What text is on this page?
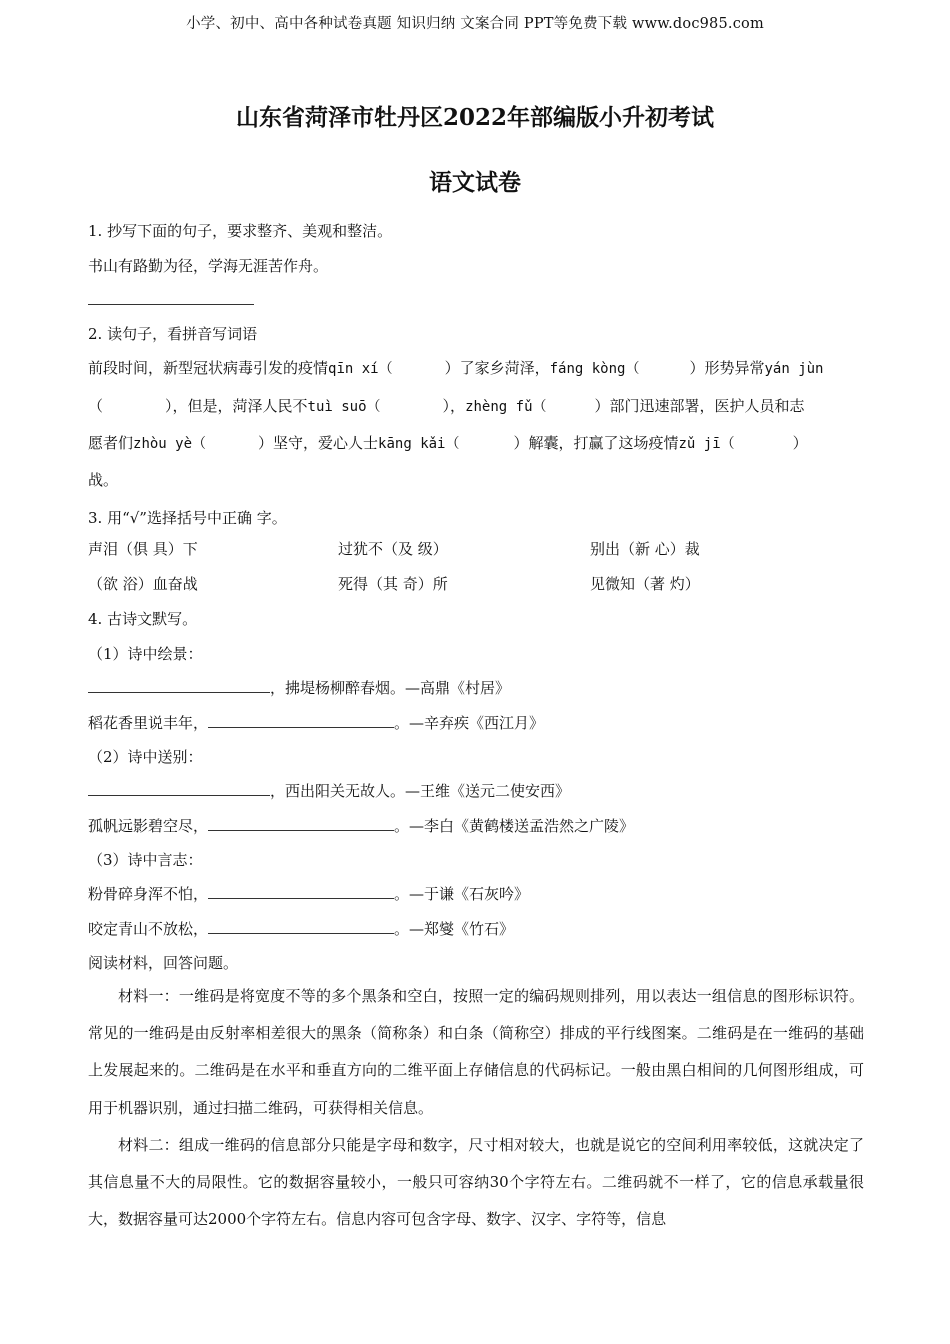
小学、初中、高中各种试卷真题 知识归纳 文案合同 PPT等免费下载 www.doc985.com
山东省菏泽市牡丹区2022年部编版小升初考试
语文试卷
1. 抄写下面的句子，要求整齐、美观和整洁。
书山有路勤为径，学海无涯苦作舟。
2. 读句子，看拼音写词语
前段时间，新型冠状病毒引发的疫情qīn xí（	）了家乡菏泽，fáng kòng（	）形势异常yán jùn
（	），但是，菏泽人民不tuì suō（	），zhèng fǔ（	）部门迅速部署，医护人员和志
愿者们zhòu yè（	）坚守，爱心人士kāng kǎi（	）解囊，打赢了这场疫情zǔ jī（	）
战。
3. 用“√”选择括号中正确 字。
声泪（俱 具）下	过犹不（及 级）	别出（新 心）裁
（欲 浴）血奋战	死得（其 奇）所	见微知（著 灼）
4. 古诗文默写。
（1）诗中绘景：
，拂堤杨柳醉春烟。—高鼎《村居》
稻花香里说丰年，	。—辛弃疾《西江月》
（2）诗中送别：
，西出阳关无故人。—王维《送元二使安西》
孤帆远影碧空尽，	。—李白《黄鹤楼送孟浩然之广陵》
（3）诗中言志：
粉骨碎身浑不怕，	。—于谦《石灰吟》
咬定青山不放松，	。—郑燮《竹石》
阅读材料，回答问题。
材料一：一维码是将宽度不等的多个黑条和空白，按照一定的编码规则排列，用以表达一组信息的图形标识符。常见的一维码是由反射率相差很大的黑条（简称条）和白条（简称空）排成的平行线图案。二维码是在一维码的基础上发展起来的。二维码是在水平和垂直方向的二维平面上存储信息的代码标记。一般由黑白相间的几何图形组成，可用于机器识别，通过扫描二维码，可获得相关信息。
材料二：组成一维码的信息部分只能是字母和数字，尺寸相对较大，也就是说它的空间利用率较低，这就决定了其信息量不大的局限性。它的数据容量较小，一般只可容纳30个字符左右。二维码就不一样了，它的信息承载量很大，数据容量可达2000个字符左右。信息内容可包含字母、数字、汉字、字符等，信息
